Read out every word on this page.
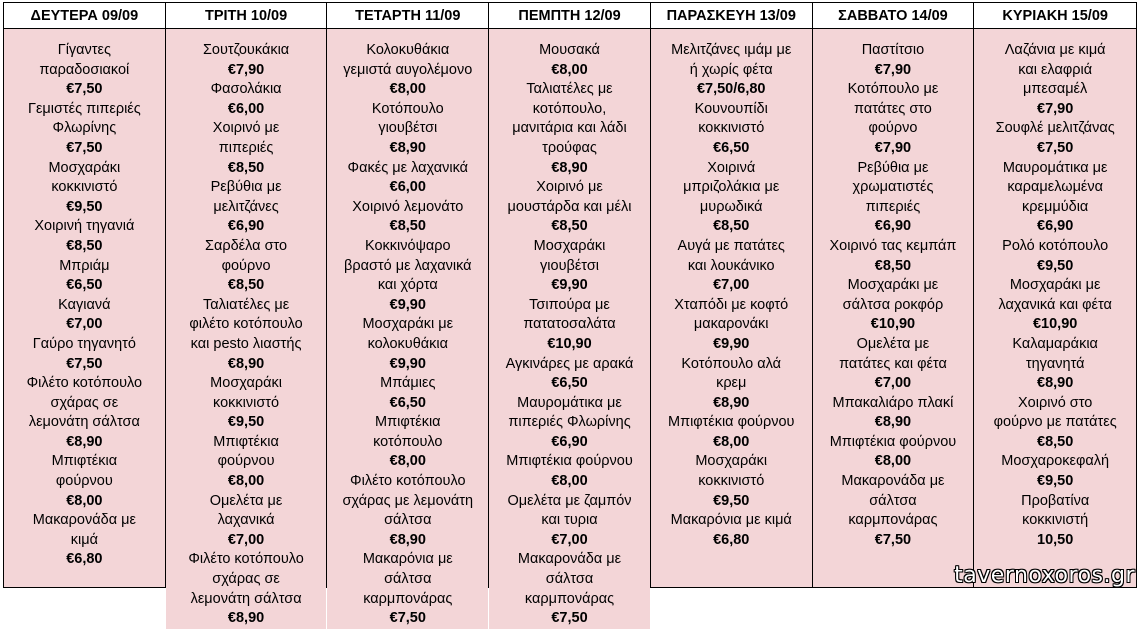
ΔΕΥΤΕΡΑ 09/09
Γίγαντες
παραδοσιακοί
€7,50
Γεμιστές πιπεριές
Φλωρίνης
€7,50
Μοσχαράκι
κοκκινιστό
€9,50
Χοιρινή τηγανιά
€8,50
Μπριάμ
€6,50
Καγιανά
€7,00
Γαύρο τηγανητό
€7,50
Φιλέτο κοτόπουλο
σχάρας σε
λεμονάτη σάλτσα
€8,90
Μπιφτέκια
φούρνου
€8,00
Μακαρονάδα με
κιμά
€6,80
ΤΡΙΤΗ 10/09
Σουτζουκάκια
€7,90
Φασολάκια
€6,00
Χοιρινό με
πιπεριές
€8,50
Ρεβύθια με
μελιτζάνες
€6,90
Σαρδέλα στο
φούρνο
€8,50
Ταλιατέλες με
φιλέτο κοτόπουλο
και pesto λιαστής
€8,90
Μοσχαράκι
κοκκινιστό
€9,50
Μπιφτέκια
φούρνου
€8,00
Ομελέτα με
λαχανικά
€7,00
Φιλέτο κοτόπουλο
σχάρας σε
λεμονάτη σάλτσα
€8,90
ΤΕΤΑΡΤΗ 11/09
Κολοκυθάκια
γεμιστά αυγολέμονο
€8,00
Κοτόπουλο
γιουβέτσι
€8,90
Φακές με λαχανικά
€6,00
Χοιρινό λεμονάτο
€8,50
Κοκκινόψαρο
βραστό με λαχανικά
και χόρτα
€9,90
Μοσχαράκι με
κολοκυθάκια
€9,90
Μπάμιες
€6,50
Μπιφτέκια
κοτόπουλο
€8,00
Φιλέτο κοτόπουλο
σχάρας με λεμονάτη
σάλτσα
€8,90
Μακαρόνια με
σάλτσα
καρμπονάρας
€7,50
ΠΕΜΠΤΗ 12/09
Μουσακά
€8,00
Ταλιατέλες με
κοτόπουλο,
μανιτάρια και λάδι
τρούφας
€8,90
Χοιρινό με
μουστάρδα και μέλι
€8,50
Μοσχαράκι
γιουβέτσι
€9,90
Τσιπούρα με
πατατοσαλάτα
€10,90
Αγκινάρες με αρακά
€6,50
Μαυρομάτικα με
πιπεριές Φλωρίνης
€6,90
Μπιφτέκια φούρνου
€8,00
Ομελέτα με ζαμπόν
και τυρια
€7,00
Μακαρονάδα με
σάλτσα
καρμπονάρας
€7,50
ΠΑΡΑΣΚΕΥΗ 13/09
Μελιτζάνες ιμάμ με
ή χωρίς φέτα
€7,50/6,80
Κουνουπίδι
κοκκινιστό
€6,50
Χοιρινά
μπριζολάκια με
μυρωδικά
€8,50
Αυγά με πατάτες
και λουκάνικο
€7,00
Χταπόδι με κοφτό
μακαρονάκι
€9,90
Κοτόπουλο αλά
κρεμ
€8,90
Μπιφτέκια φούρνου
€8,00
Μοσχαράκι
κοκκινιστό
€9,50
Μακαρόνια με κιμά
€6,80
ΣΑΒΒΑΤΟ 14/09
Παστίτσιο
€7,90
Κοτόπουλο με
πατάτες στο
φούρνο
€7,90
Ρεβύθια με
χρωματιστές
πιπεριές
€6,90
Χοιρινό τας κεμπάπ
€8,50
Μοσχαράκι με
σάλτσα ροκφόρ
€10,90
Ομελέτα με
πατάτες και φέτα
€7,00
Μπακαλιάρο πλακί
€8,90
Μπιφτέκια φούρνου
€8,00
Μακαρονάδα με
σάλτσα
καρμπονάρας
€7,50
ΚΥΡΙΑΚΗ 15/09
Λαζάνια με κιμά
και ελαφριά
μπεσαμέλ
€7,90
Σουφλέ μελιτζάνας
€7,50
Μαυρομάτικα με
καραμελωμένα
κρεμμύδια
€6,90
Ρολό κοτόπουλο
€9,50
Μοσχαράκι με
λαχανικά και φέτα
€10,90
Καλαμαράκια
τηγανητά
€8,90
Χοιρινό στο
φούρνο με πατάτες
€8,50
Μοσχαροκεφαλή
€9,50
Προβατίνα
κοκκινιστή
10,50
tavernoxoros.gr
